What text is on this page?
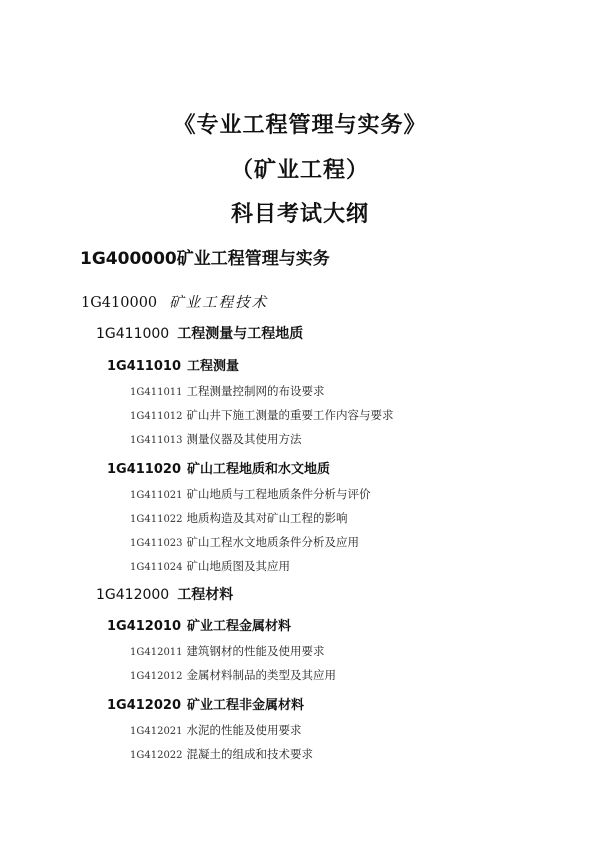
《专业工程管理与实务》
（矿业工程）
科目考试大纲
1G400000矿业工程管理与实务
1G410000 矿业工程技术
1G411000 工程测量与工程地质
1G411010 工程测量
1G411011 工程测量控制网的布设要求
1G411012 矿山井下施工测量的重要工作内容与要求
1G411013 测量仪器及其使用方法
1G411020 矿山工程地质和水文地质
1G411021 矿山地质与工程地质条件分析与评价
1G411022 地质构造及其对矿山工程的影响
1G411023 矿山工程水文地质条件分析及应用
1G411024 矿山地质图及其应用
1G412000 工程材料
1G412010 矿业工程金属材料
1G412011 建筑钢材的性能及使用要求
1G412012 金属材料制品的类型及其应用
1G412020 矿业工程非金属材料
1G412021 水泥的性能及使用要求
1G412022 混凝土的组成和技术要求
